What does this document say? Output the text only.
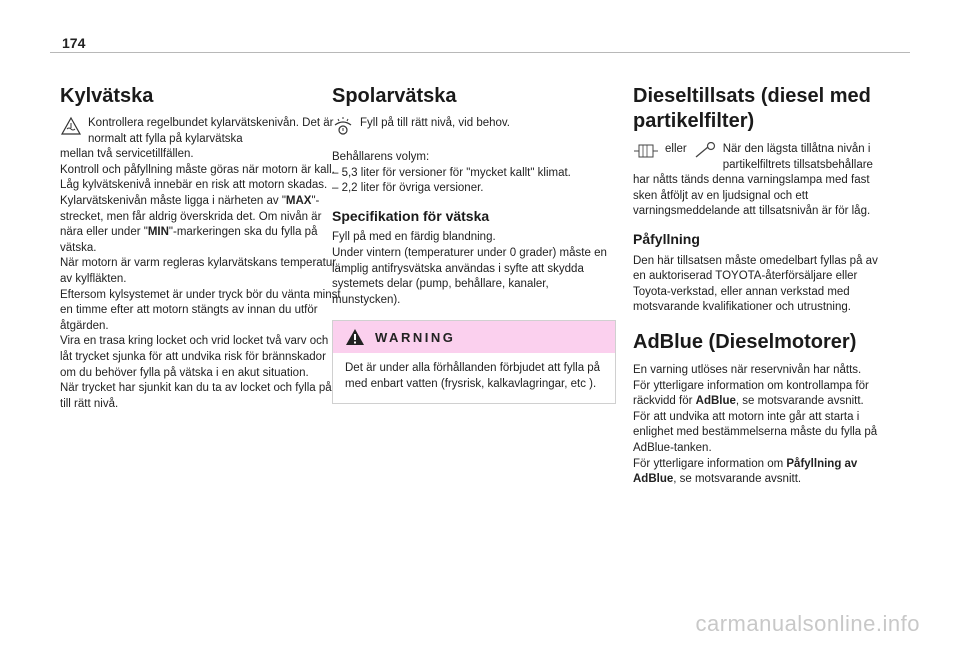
174
Kylvätska

Kontrollera regelbundet kylarvätskenivån. Det är normalt att fylla på kylarvätska

mellan två servicetillfällen.

Kontroll och påfyllning måste göras när motorn är kall.

Låg kylvätskenivå innebär en risk att motorn skadas.

Kylarvätskenivån måste ligga i närheten av "MAX"-strecket, men får aldrig överskrida det. Om nivån är nära eller under "MIN"-markeringen ska du fylla på vätska.

När motorn är varm regleras kylarvätskans temperatur av kylfläkten.

Eftersom kylsystemet är under tryck bör du vänta minst en timme efter att motorn stängts av innan du utför åtgärden.

Vira en trasa kring locket och vrid locket två varv och låt trycket sjunka för att undvika risk för brännskador om du behöver fylla på vätska i en akut situation.

När trycket har sjunkit kan du ta av locket och fylla på till rätt nivå.

Spolarvätska

Fyll på till rätt nivå, vid behov.

Behållarens volym:

– 5,3 liter för versioner för "mycket kallt" klimat.

– 2,2 liter för övriga versioner.

Specifikation för vätska

Fyll på med en färdig blandning.

Under vintern (temperaturer under 0 grader) måste en lämplig antifrysvätska användas i syfte att skydda systemets delar (pump, behållare, kanaler, munstycken).

WARNING
Det är under alla förhållanden förbjudet att fylla på med enbart vatten (frysrisk, kalkavlagringar, etc ).
Dieseltillsats (diesel med partikelfilter)
eller	När den lägsta tillåtna nivån i partikelfiltrets tillsatsbehållare

har nåtts tänds denna varningslampa med fast sken åtföljt av en ljudsignal och ett varningsmeddelande att tillsatsnivån är för låg.

Påfyllning

Den här tillsatsen måste omedelbart fyllas på av en auktoriserad TOYOTA-återförsäljare eller Toyota-verkstad, eller annan verkstad med motsvarande kvalifikationer och utrustning.

AdBlue (Dieselmotorer)

En varning utlöses när reservnivån har nåtts.

För ytterligare information om kontrollampa för räckvidd för AdBlue, se motsvarande avsnitt.

För att undvika att motorn inte går att starta i enlighet med bestämmelserna måste du fylla på AdBlue-tanken.

För ytterligare information om Påfyllning av AdBlue, se motsvarande avsnitt.

carmanualsonline.info
